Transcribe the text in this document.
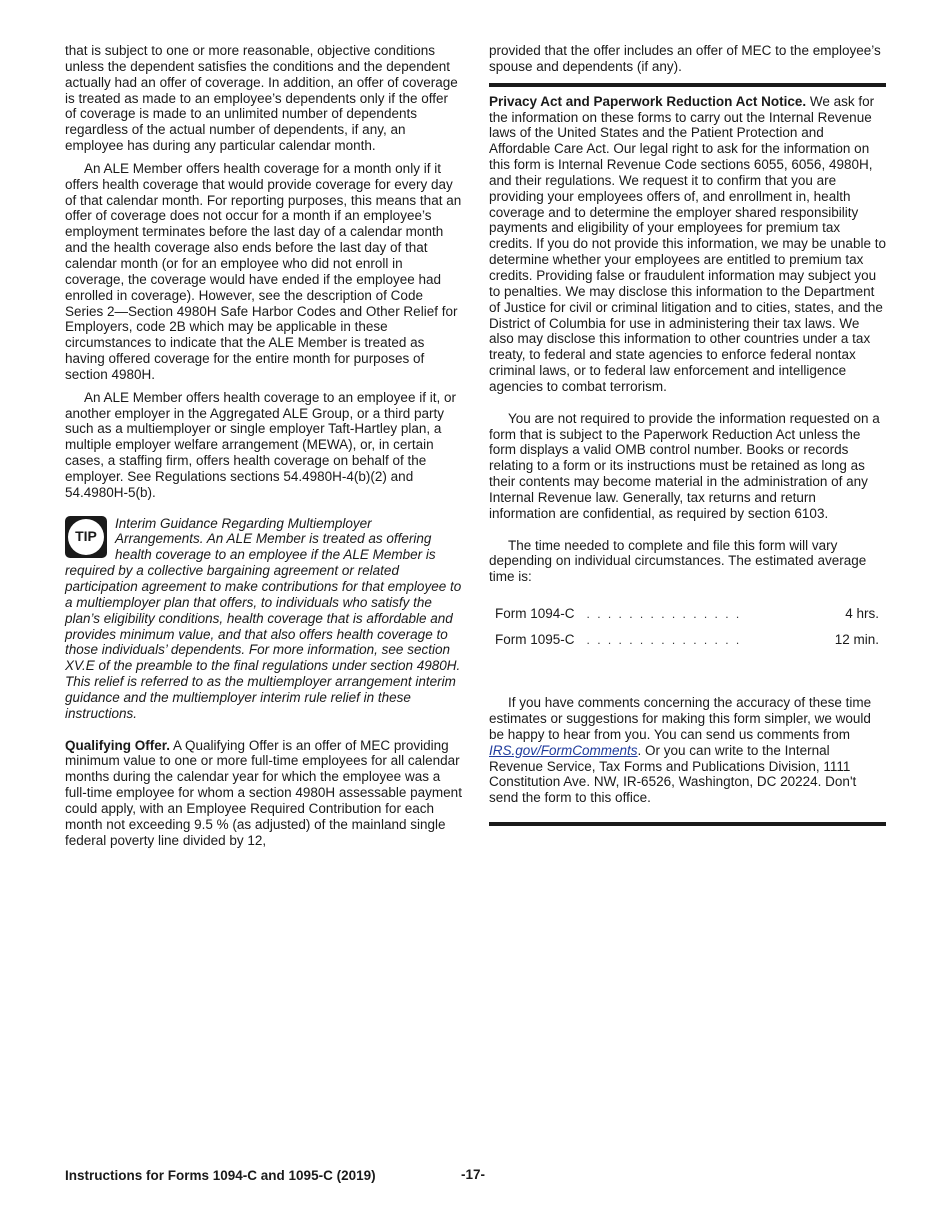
that is subject to one or more reasonable, objective conditions unless the dependent satisfies the conditions and the dependent actually had an offer of coverage. In addition, an offer of coverage is treated as made to an employee’s dependents only if the offer of coverage is made to an unlimited number of dependents regardless of the actual number of dependents, if any, an employee has during any particular calendar month.

An ALE Member offers health coverage for a month only if it offers health coverage that would provide coverage for every day of that calendar month. For reporting purposes, this means that an offer of coverage does not occur for a month if an employee’s employment terminates before the last day of a calendar month and the health coverage also ends before the last day of that calendar month (or for an employee who did not enroll in coverage, the coverage would have ended if the employee had enrolled in coverage). However, see the description of Code Series 2—Section 4980H Safe Harbor Codes and Other Relief for Employers, code 2B which may be applicable in these circumstances to indicate that the ALE Member is treated as having offered coverage for the entire month for purposes of section 4980H.

An ALE Member offers health coverage to an employee if it, or another employer in the Aggregated ALE Group, or a third party such as a multiemployer or single employer Taft-Hartley plan, a multiple employer welfare arrangement (MEWA), or, in certain cases, a staffing firm, offers health coverage on behalf of the employer. See Regulations sections 54.4980H-4(b)(2) and 54.4980H-5(b).

TIP
Interim Guidance Regarding Multiemployer Arrangements. An ALE Member is treated as offering health coverage to an employee if the ALE Member is required by a collective bargaining agreement or related participation agreement to make contributions for that employee to a multiemployer plan that offers, to individuals who satisfy the plan’s eligibility conditions, health coverage that is affordable and provides minimum value, and that also offers health coverage to those individuals’ dependents. For more information, see section XV.E of the preamble to the final regulations under section 4980H. This relief is referred to as the multiemployer arrangement interim guidance and the multiemployer interim rule relief in these instructions.

Qualifying Offer. A Qualifying Offer is an offer of MEC providing minimum value to one or more full-time employees for all calendar months during the calendar year for which the employee was a full-time employee for whom a section 4980H assessable payment could apply, with an Employee Required Contribution for each month not exceeding 9.5 % (as adjusted) of the mainland single federal poverty line divided by 12,

provided that the offer includes an offer of MEC to the employee’s spouse and dependents (if any).

Privacy Act and Paperwork Reduction Act Notice. We ask for the information on these forms to carry out the Internal Revenue laws of the United States and the Patient Protection and Affordable Care Act. Our legal right to ask for the information on this form is Internal Revenue Code sections 6055, 6056, 4980H, and their regulations. We request it to confirm that you are providing your employees offers of, and enrollment in, health coverage and to determine the employer shared responsibility payments and eligibility of your employees for premium tax credits. If you do not provide this information, we may be unable to determine whether your employees are entitled to premium tax credits. Providing false or fraudulent information may subject you to penalties. We may disclose this information to the Department of Justice for civil or criminal litigation and to cities, states, and the District of Columbia for use in administering their tax laws. We also may disclose this information to other countries under a tax treaty, to federal and state agencies to enforce federal nontax criminal laws, or to federal law enforcement and intelligence agencies to combat terrorism.

You are not required to provide the information requested on a form that is subject to the Paperwork Reduction Act unless the form displays a valid OMB control number. Books or records relating to a form or its instructions must be retained as long as their contents may become material in the administration of any Internal Revenue law. Generally, tax returns and return information are confidential, as required by section 6103.

The time needed to complete and file this form will vary depending on individual circumstances. The estimated average time is:

Form 1094-C . . . . . . . . . . . . . . .	4 hrs.
Form 1095-C . . . . . . . . . . . . . . .	12 min.

If you have comments concerning the accuracy of these time estimates or suggestions for making this form simpler, we would be happy to hear from you. You can send us comments from IRS.gov/FormComments. Or you can write to the Internal Revenue Service, Tax Forms and Publications Division, 1111 Constitution Ave. NW, IR-6526, Washington, DC 20224. Don't send the form to this office.

Instructions for Forms 1094-C and 1095-C (2019)	-17-
